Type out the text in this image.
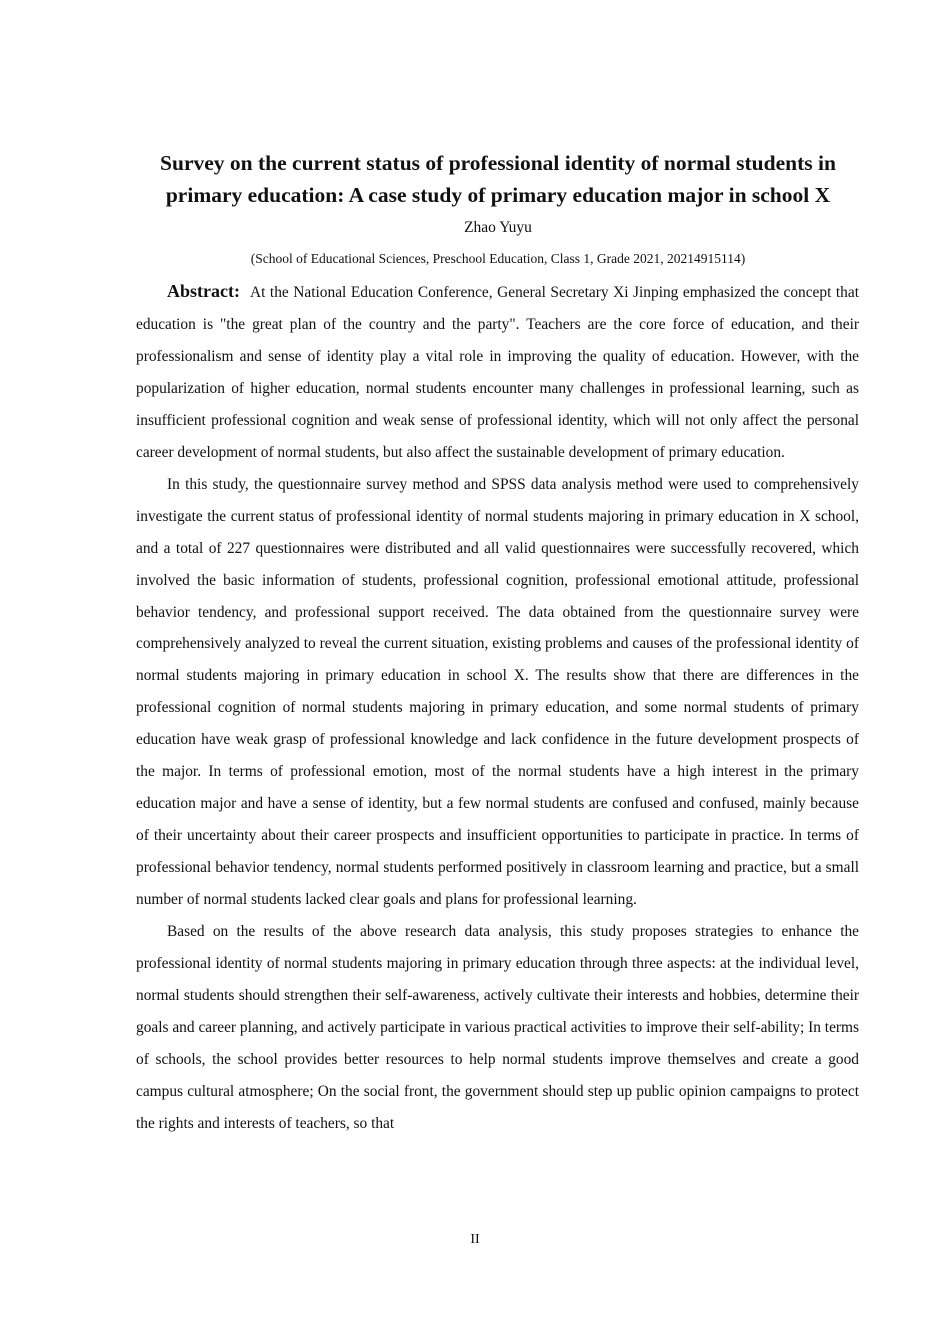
Survey on the current status of professional identity of normal students in primary education: A case study of primary education major in school X

Zhao Yuyu

(School of Educational Sciences, Preschool Education, Class 1, Grade 2021, 20214915114)

Abstract: At the National Education Conference, General Secretary Xi Jinping emphasized the concept that education is "the great plan of the country and the party". Teachers are the core force of education, and their professionalism and sense of identity play a vital role in improving the quality of education. However, with the popularization of higher education, normal students encounter many challenges in professional learning, such as insufficient professional cognition and weak sense of professional identity, which will not only affect the personal career development of normal students, but also affect the sustainable development of primary education.

In this study, the questionnaire survey method and SPSS data analysis method were used to comprehensively investigate the current status of professional identity of normal students majoring in primary education in X school, and a total of 227 questionnaires were distributed and all valid questionnaires were successfully recovered, which involved the basic information of students, professional cognition, professional emotional attitude, professional behavior tendency, and professional support received. The data obtained from the questionnaire survey were comprehensively analyzed to reveal the current situation, existing problems and causes of the professional identity of normal students majoring in primary education in school X. The results show that there are differences in the professional cognition of normal students majoring in primary education, and some normal students of primary education have weak grasp of professional knowledge and lack confidence in the future development prospects of the major. In terms of professional emotion, most of the normal students have a high interest in the primary education major and have a sense of identity, but a few normal students are confused and confused, mainly because of their uncertainty about their career prospects and insufficient opportunities to participate in practice. In terms of professional behavior tendency, normal students performed positively in classroom learning and practice, but a small number of normal students lacked clear goals and plans for professional learning.

Based on the results of the above research data analysis, this study proposes strategies to enhance the professional identity of normal students majoring in primary education through three aspects: at the individual level, normal students should strengthen their self-awareness, actively cultivate their interests and hobbies, determine their goals and career planning, and actively participate in various practical activities to improve their self-ability; In terms of schools, the school provides better resources to help normal students improve themselves and create a good campus cultural atmosphere; On the social front, the government should step up public opinion campaigns to protect the rights and interests of teachers, so that

II
